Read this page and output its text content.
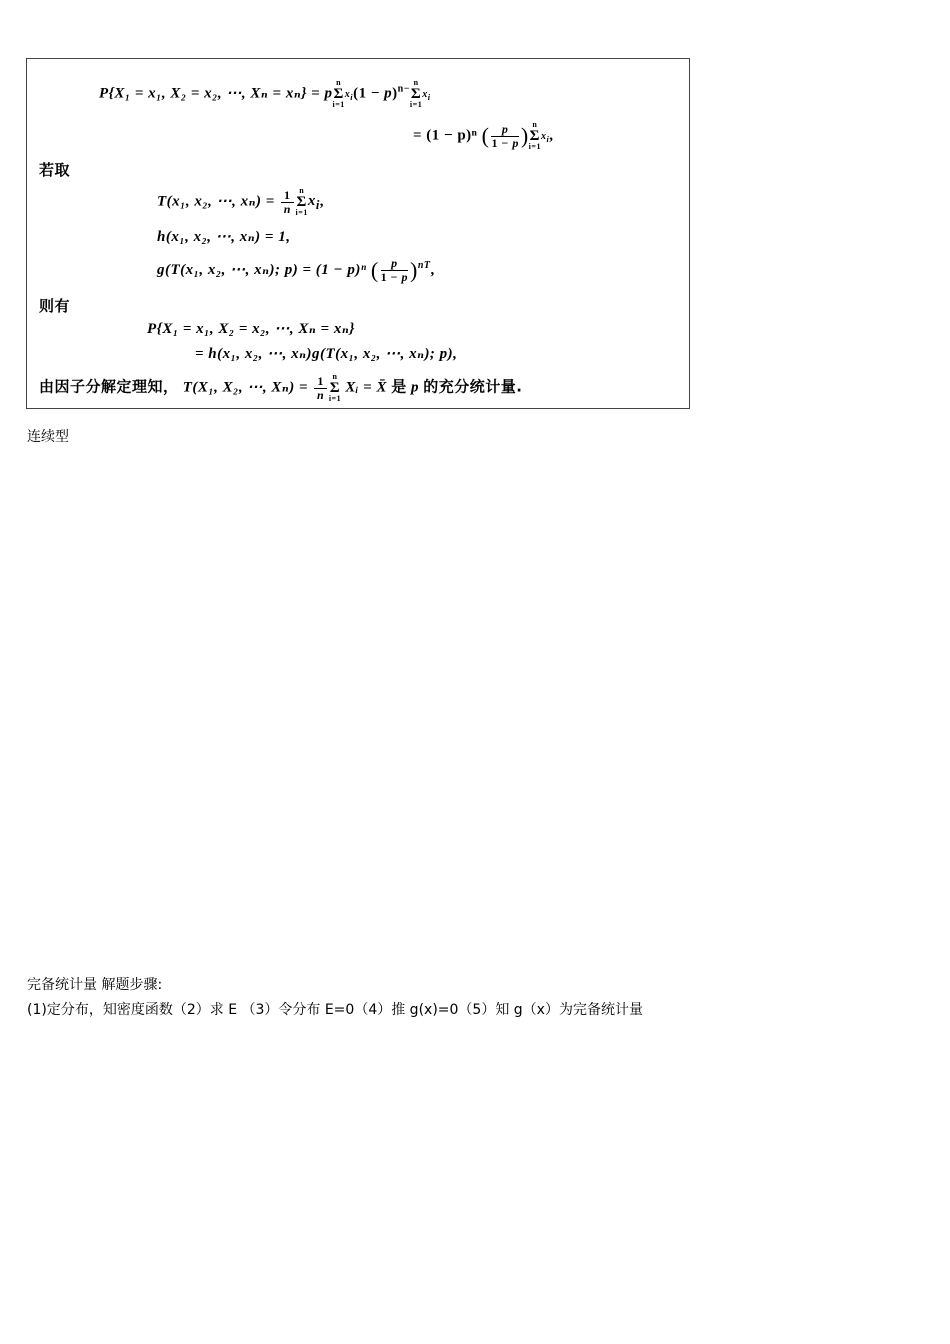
P{X₁ = x₁, X₂ = x₂, ⋯, Xₙ = xₙ} = pn
Σ
$i=1x_i(1 - p)^{n-}n$
Σ
$i=1x_i$
= (1 − p)ⁿ ( $\frac{p}{1 - p}$ ) n
Σ
$i=1x_i$,
若取
T(x₁, x₂, ⋯, $x_n) = \frac{1}{n}$ n
Σ
$i=1x_i$,
h(x₁, x₂, ⋯, xₙ) = 1,
g(T(x₁, x₂, ⋯, xₙ); p) = (1 − p)ⁿ ( $\frac{p}{1 - p} )^{nT}$,
则有
P{X₁ = x₁, X₂ = x₂, ⋯, Xₙ = xₙ}
= h(x₁, x₂, ⋯, xₙ)g(T(x₁, x₂, ⋯, xₙ); p),
由因子分解定理知， T(X₁, X₂, ⋯, $X_n) = \frac{1}{n}$ n
Σ
i=1 Xᵢ = X̄ 是 p 的充分统计量.
连续型
完备统计量 解题步骤:
(1)定分布，知密度函数（2）求 E （3）令分布 E=0（4）推 g(x)=0（5）知 g（x）为完备统计量
